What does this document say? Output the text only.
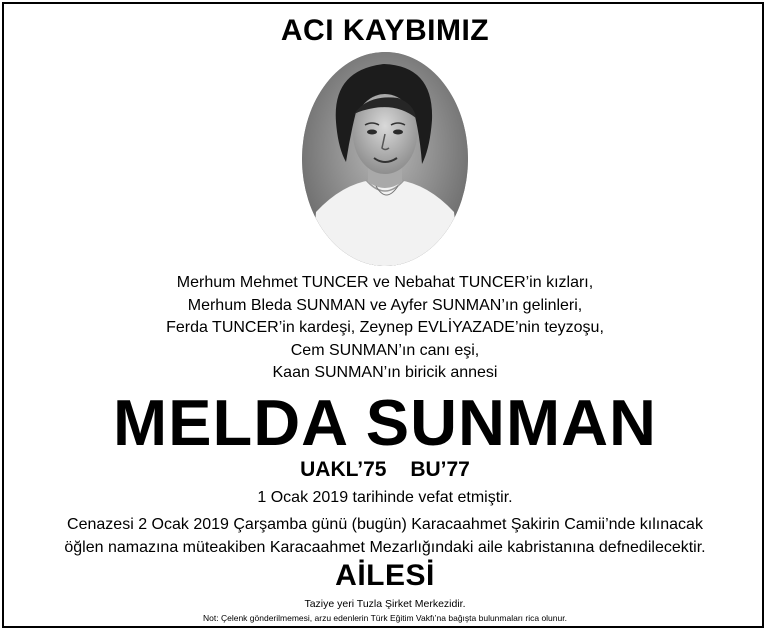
ACI KAYBIMIZ
Merhum Mehmet TUNCER ve Nebahat TUNCER’in kızları,
Merhum Bleda SUNMAN ve Ayfer SUNMAN’ın gelinleri,
Ferda TUNCER’in kardeşi, Zeynep EVLİYAZADE’nin teyzoşu,
Cem SUNMAN’ın canı eşi,
Kaan SUNMAN’ın biricik annesi
MELDA SUNMAN
UAKL’75 BU’77
1 Ocak 2019 tarihinde vefat etmiştir.
Cenazesi 2 Ocak 2019 Çarşamba günü (bugün) Karacaahmet Şakirin Camii’nde kılınacak
öğlen namazına müteakiben Karacaahmet Mezarlığındaki aile kabristanına defnedilecektir.
AİLESİ
Taziye yeri Tuzla Şirket Merkezidir.
Not: Çelenk gönderilmemesi, arzu edenlerin Türk Eğitim Vakfı’na bağışta bulunmaları rica olunur.
